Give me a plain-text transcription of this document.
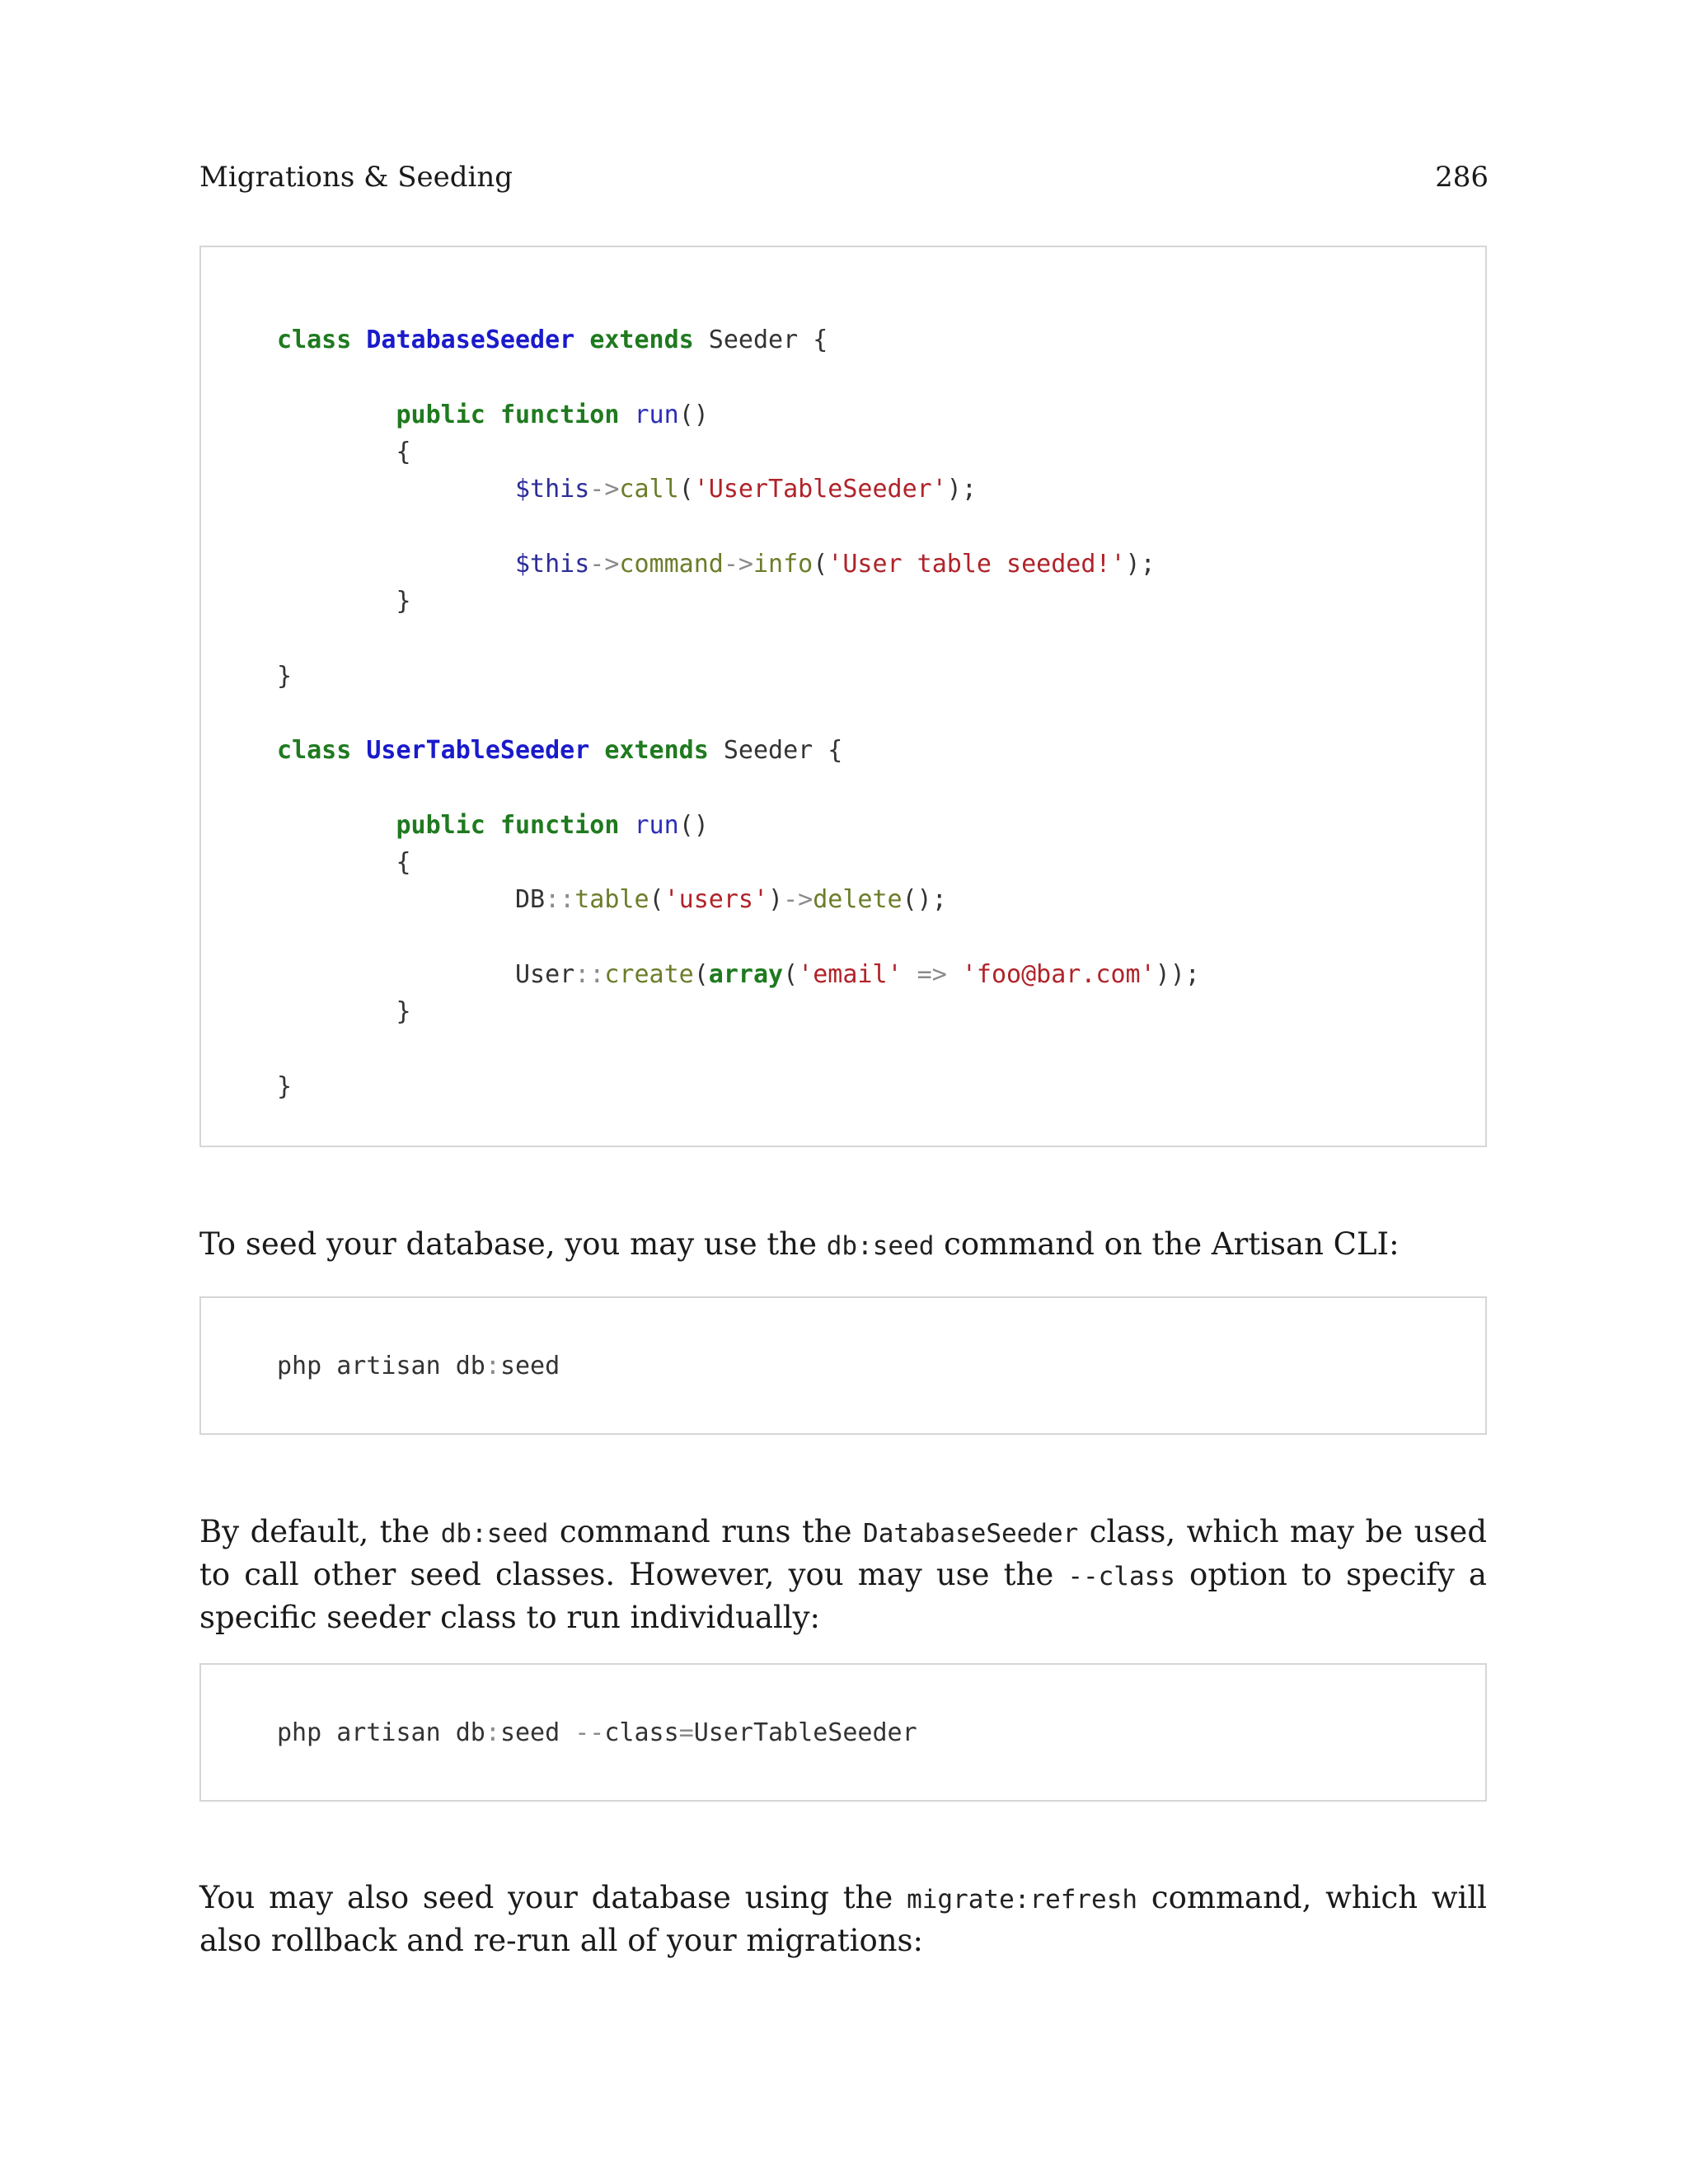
Migrations & Seeding	286
class DatabaseSeeder extends Seeder {

public function run()
{
$this->call('UserTableSeeder');

$this->command->info('User table seeded!');
}

}

class UserTableSeeder extends Seeder {

public function run()
{
DB::table('users')->delete();

User::create(array('email' => 'foo@bar.com'));
}

}

To seed your database, you may use the db:seed command on the Artisan CLI:

php artisan db:seed

By default, the db:seed command runs the DatabaseSeeder class, which may be used to call other seed classes. However, you may use the --class option to specify a specific seeder class to run individually:

php artisan db:seed --class=UserTableSeeder

You may also seed your database using the migrate:refresh command, which will also rollback and re-run all of your migrations:
